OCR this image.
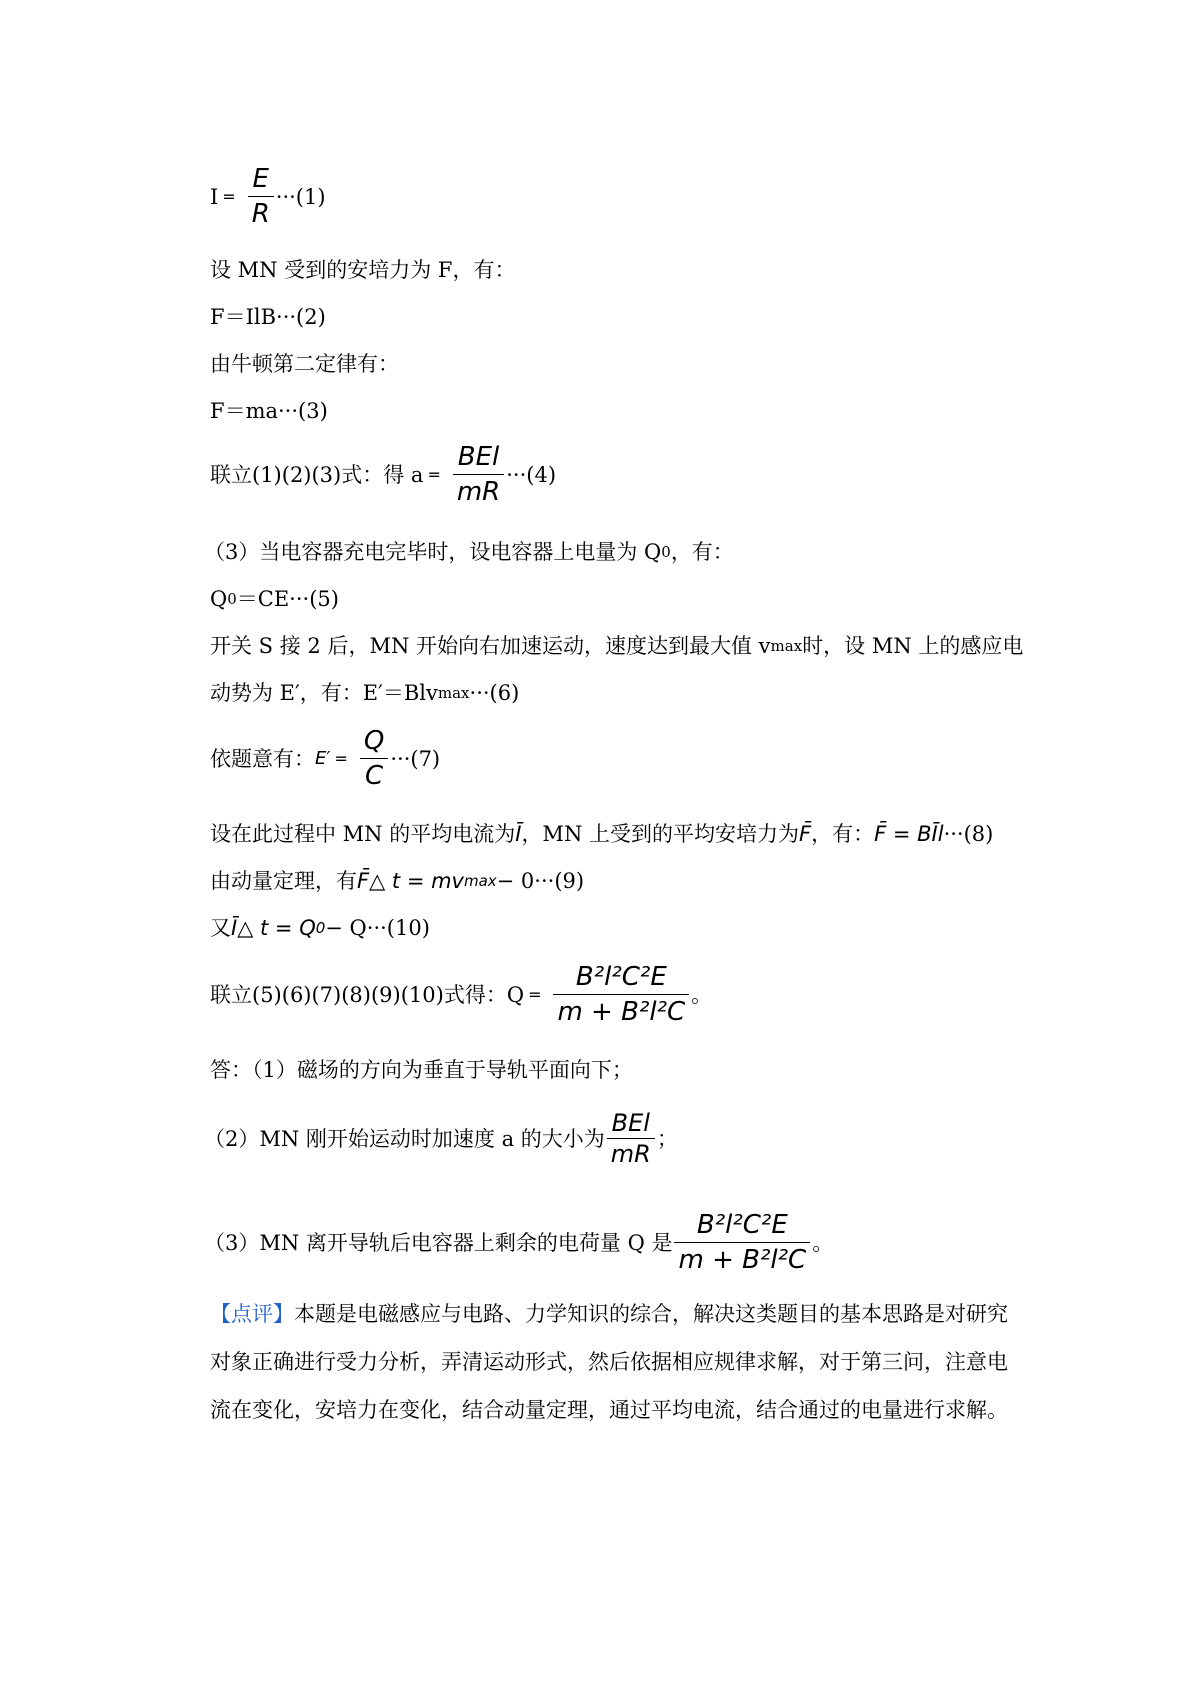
$I = \frac{E}{R} \cdot\cdot\cdot(1)$
设 MN 受到的安培力为 F，有：
F＝IlB···(2)
由牛顿第二定律有：
F＝ma···(3)
联立(1)(2)(3)式：得 $a = \frac{\text{BEl}}{mR} \cdot\cdot\cdot(4)$
（3）当电容器充电完毕时，设电容器上电量为 Q 0 ，有：
Q 0 ＝CE···(5)
开关 S 接 2 后，MN 开始向右加速运动，速度达到最大值 v max 时，设 MN 上的感应电
动势为 E′，有：E′＝Blv max ···(6)
依题意有： $E' = \frac{Q}{C} \cdot\cdot\cdot(7)$
设在此过程中 MN 的平均电流为 Ī ，MN 上受到的平均安培力为 F̄ ，有： F̄ = BĪl ···(8)
由动量定理，有 F̄△ t = mv max − 0···(9)
又 Ī△ t = Q 0 − Q···(10)
联立(5)(6)(7)(8)(9)(10)式得：$Q = \frac{\text{B²l²C²E}}{\text{m + B²l²C}}$ 。
答：（1）磁场的方向为垂直于导轨平面向下；
（2）MN 刚开始运动时加速度 a 的大小为 $\frac{\text{BEl}}{mR}$ ；
（3）MN 离开导轨后电容器上剩余的电荷量 Q 是 $\frac{\text{B²l²C²E}}{\text{m + B²l²C}}$ 。
【点评】 本题是电磁感应与电路、力学知识的综合，解决这类题目的基本思路是对研究
对象正确进行受力分析，弄清运动形式，然后依据相应规律求解，对于第三问，注意电
流在变化，安培力在变化，结合动量定理，通过平均电流，结合通过的电量进行求解。
